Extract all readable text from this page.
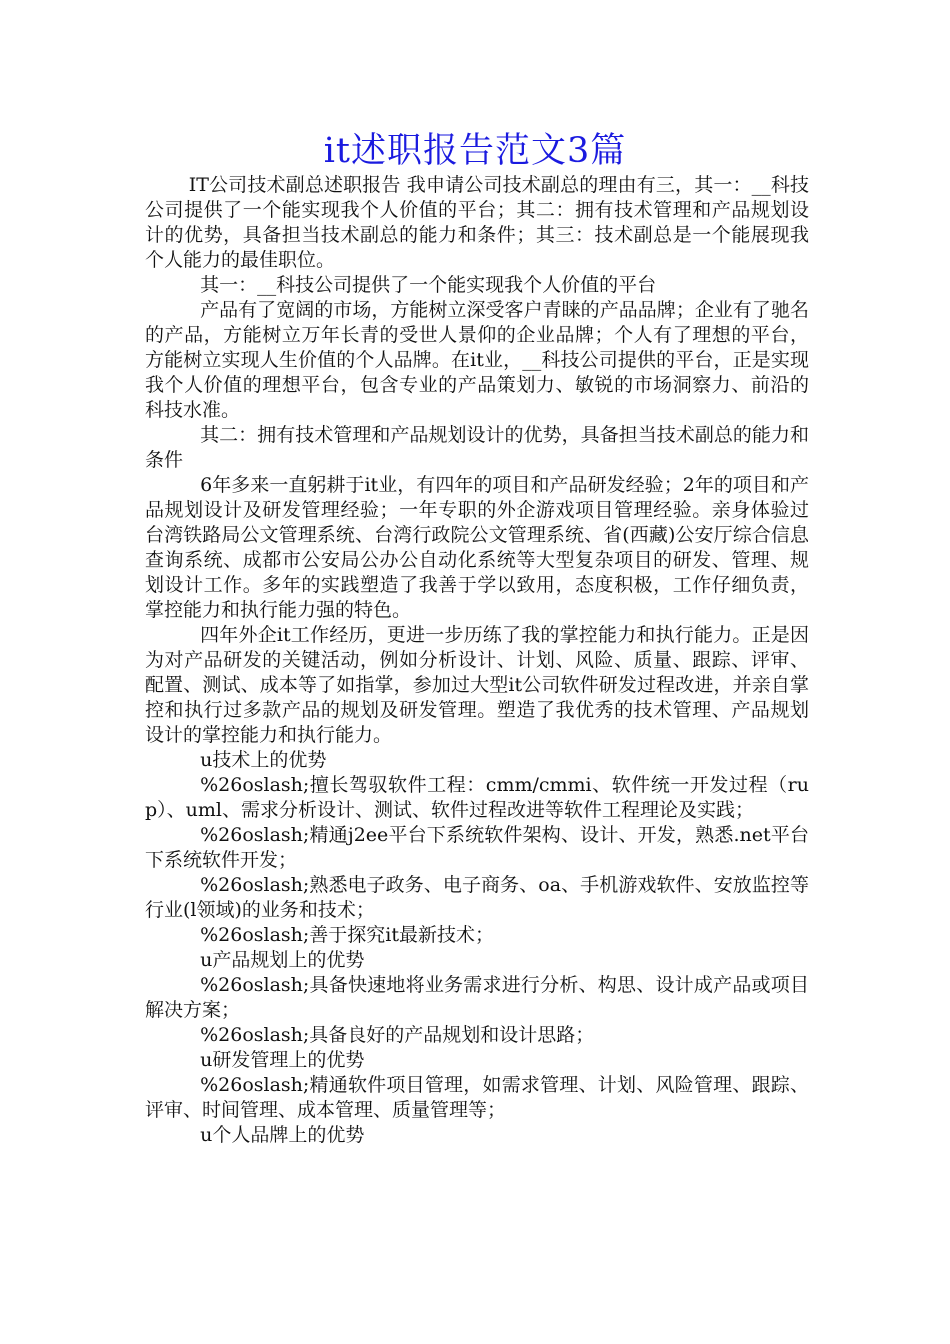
it述职报告范文3篇

IT公司技术副总述职报告 我申请公司技术副总的理由有三，其一：__科技公司提供了一个能实现我个人价值的平台；其二：拥有技术管理和产品规划设计的优势，具备担当技术副总的能力和条件；其三：技术副总是一个能展现我个人能力的最佳职位。

其一：__科技公司提供了一个能实现我个人价值的平台

产品有了宽阔的市场，方能树立深受客户青睐的产品品牌；企业有了驰名的产品，方能树立万年长青的受世人景仰的企业品牌；个人有了理想的平台，方能树立实现人生价值的个人品牌。在it业，__科技公司提供的平台，正是实现我个人价值的理想平台，包含专业的产品策划力、敏锐的市场洞察力、前沿的科技水准。

其二：拥有技术管理和产品规划设计的优势，具备担当技术副总的能力和条件

6年多来一直躬耕于it业，有四年的项目和产品研发经验；2年的项目和产品规划设计及研发管理经验；一年专职的外企游戏项目管理经验。亲身体验过台湾铁路局公文管理系统、台湾行政院公文管理系统、省(西藏)公安厅综合信息查询系统、成都市公安局公办公自动化系统等大型复杂项目的研发、管理、规划设计工作。多年的实践塑造了我善于学以致用，态度积极，工作仔细负责，掌控能力和执行能力强的特色。

四年外企it工作经历，更进一步历练了我的掌控能力和执行能力。正是因为对产品研发的关键活动，例如分析设计、计划、风险、质量、跟踪、评审、配置、测试、成本等了如指掌，参加过大型it公司软件研发过程改进，并亲自掌控和执行过多款产品的规划及研发管理。塑造了我优秀的技术管理、产品规划设计的掌控能力和执行能力。

u技术上的优势

%26oslash;擅长驾驭软件工程：cmm/cmmi、软件统一开发过程（rup）、uml、需求分析设计、测试、软件过程改进等软件工程理论及实践；

%26oslash;精通j2ee平台下系统软件架构、设计、开发，熟悉.net平台下系统软件开发；

%26oslash;熟悉电子政务、电子商务、oa、手机游戏软件、安放监控等行业(l领域)的业务和技术；

%26oslash;善于探究it最新技术；

u产品规划上的优势

%26oslash;具备快速地将业务需求进行分析、构思、设计成产品或项目解决方案；

%26oslash;具备良好的产品规划和设计思路；

u研发管理上的优势

%26oslash;精通软件项目管理，如需求管理、计划、风险管理、跟踪、评审、时间管理、成本管理、质量管理等；

u个人品牌上的优势
